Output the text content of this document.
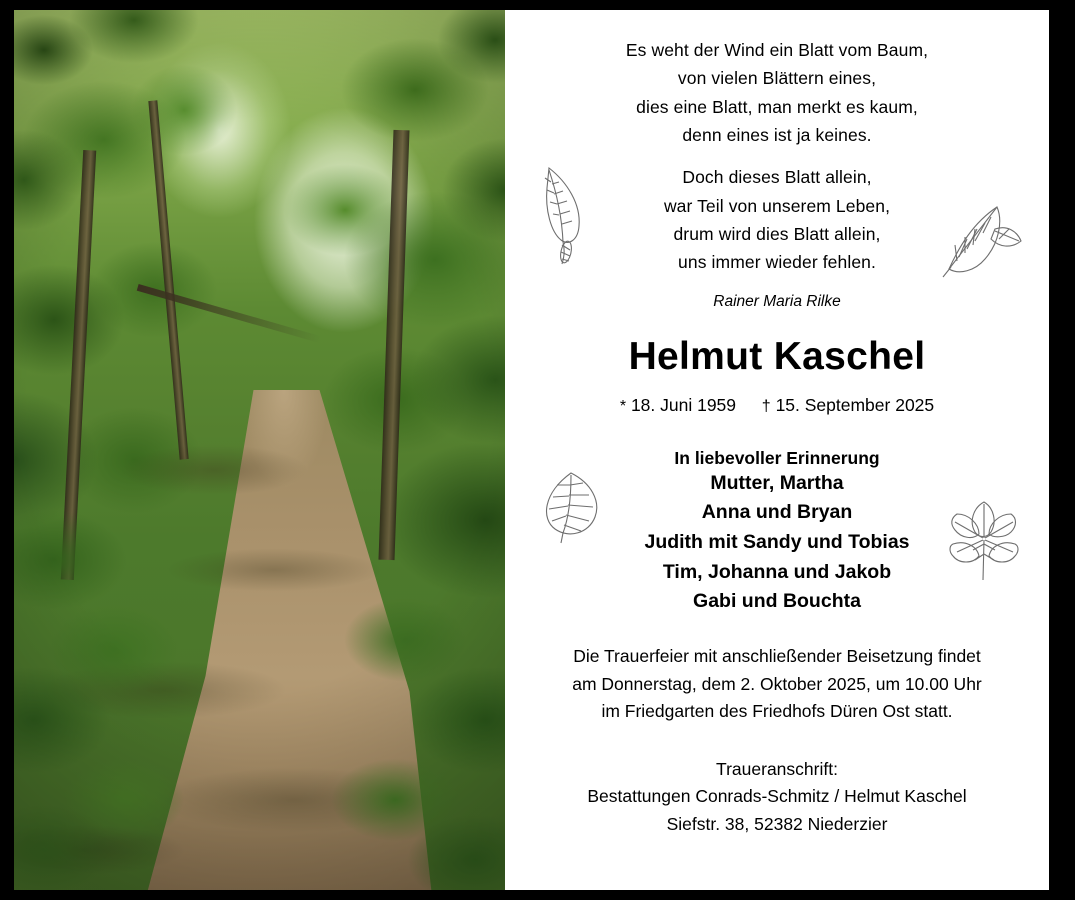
Es weht der Wind ein Blatt vom Baum,
von vielen Blättern eines,
dies eine Blatt, man merkt es kaum,
denn eines ist ja keines.
Doch dieses Blatt allein,
war Teil von unserem Leben,
drum wird dies Blatt allein,
uns immer wieder fehlen.
Rainer Maria Rilke
Helmut Kaschel
* 18. Juni 1959 † 15. September 2025
In liebevoller Erinnerung
Mutter, Martha
Anna und Bryan
Judith mit Sandy und Tobias
Tim, Johanna und Jakob
Gabi und Bouchta
Die Trauerfeier mit anschließender Beisetzung findet
am Donnerstag, dem 2. Oktober 2025, um 10.00 Uhr
im Friedgarten des Friedhofs Düren Ost statt.
Traueranschrift:
Bestattungen Conrads-Schmitz / Helmut Kaschel
Siefstr. 38, 52382 Niederzier
